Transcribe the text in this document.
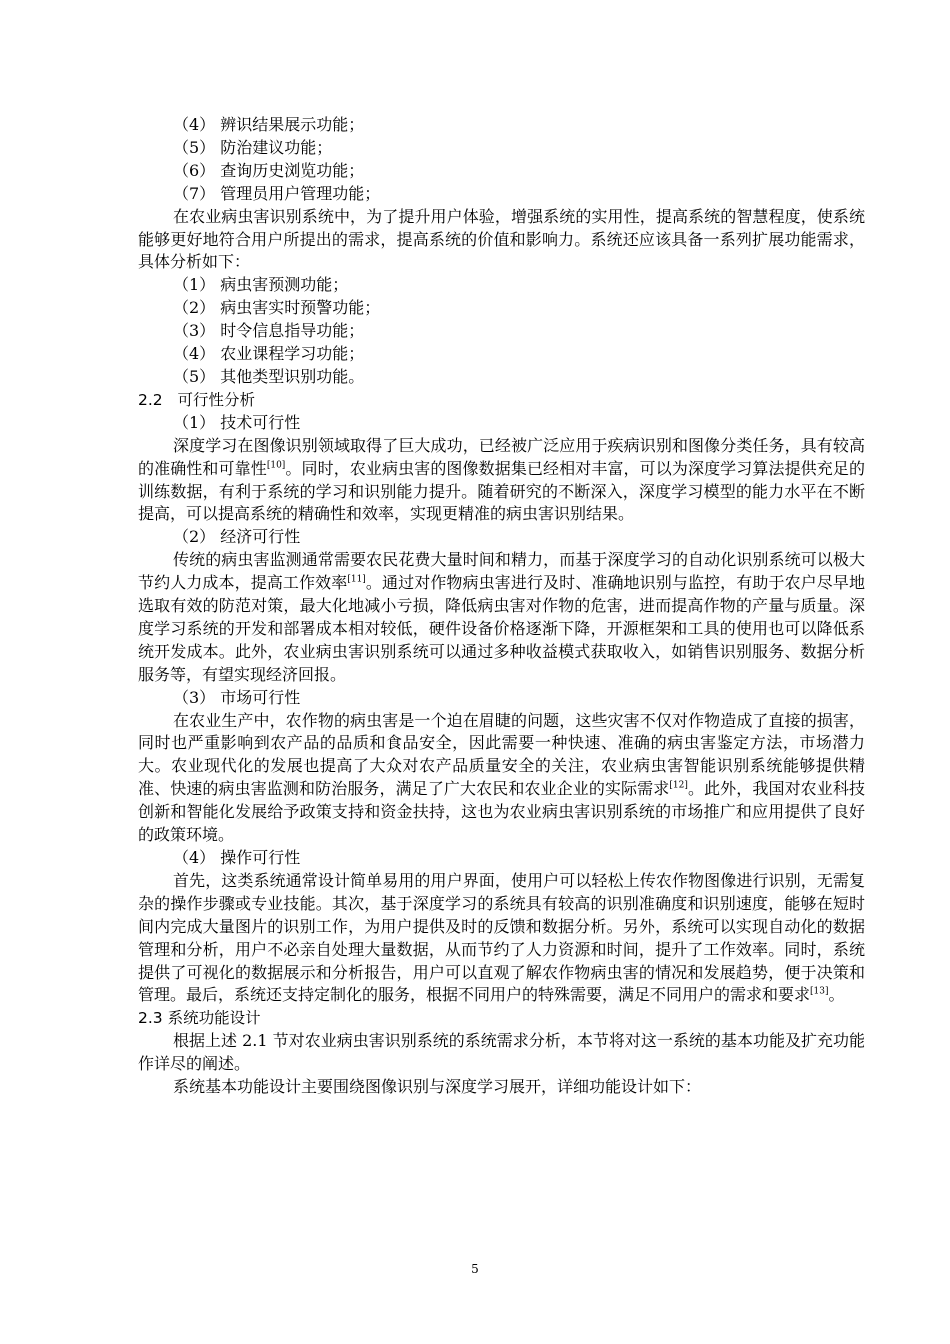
（4） 辨识结果展示功能；
（5） 防治建议功能；
（6） 查询历史浏览功能；
（7） 管理员用户管理功能；

在农业病虫害识别系统中，为了提升用户体验，增强系统的实用性，提高系统的智慧程度，使系统能够更好地符合用户所提出的需求，提高系统的价值和影响力。系统还应该具备一系列扩展功能需求，具体分析如下：

（1） 病虫害预测功能；
（2） 病虫害实时预警功能；
（3） 时令信息指导功能；
（4） 农业课程学习功能；
（5） 其他类型识别功能。
2.2 可行性分析
（1） 技术可行性

深度学习在图像识别领域取得了巨大成功，已经被广泛应用于疾病识别和图像分类任务，具有较高的准确性和可靠性[10]。同时，农业病虫害的图像数据集已经相对丰富，可以为深度学习算法提供充足的训练数据，有利于系统的学习和识别能力提升。随着研究的不断深入，深度学习模型的能力水平在不断提高，可以提高系统的精确性和效率，实现更精准的病虫害识别结果。

（2） 经济可行性

传统的病虫害监测通常需要农民花费大量时间和精力，而基于深度学习的自动化识别系统可以极大节约人力成本，提高工作效率[11]。通过对作物病虫害进行及时、准确地识别与监控，有助于农户尽早地选取有效的防范对策，最大化地减小亏损，降低病虫害对作物的危害，进而提高作物的产量与质量。深度学习系统的开发和部署成本相对较低，硬件设备价格逐渐下降，开源框架和工具的使用也可以降低系统开发成本。此外，农业病虫害识别系统可以通过多种收益模式获取收入，如销售识别服务、数据分析服务等，有望实现经济回报。

（3） 市场可行性

在农业生产中，农作物的病虫害是一个迫在眉睫的问题，这些灾害不仅对作物造成了直接的损害，同时也严重影响到农产品的品质和食品安全，因此需要一种快速、准确的病虫害鉴定方法，市场潜力大。农业现代化的发展也提高了大众对农产品质量安全的关注，农业病虫害智能识别系统能够提供精准、快速的病虫害监测和防治服务，满足了广大农民和农业企业的实际需求[12]。此外，我国对农业科技创新和智能化发展给予政策支持和资金扶持，这也为农业病虫害识别系统的市场推广和应用提供了良好的政策环境。

（4） 操作可行性

首先，这类系统通常设计简单易用的用户界面，使用户可以轻松上传农作物图像进行识别，无需复杂的操作步骤或专业技能。其次，基于深度学习的系统具有较高的识别准确度和识别速度，能够在短时间内完成大量图片的识别工作，为用户提供及时的反馈和数据分析。另外，系统可以实现自动化的数据管理和分析，用户不必亲自处理大量数据，从而节约了人力资源和时间，提升了工作效率。同时，系统提供了可视化的数据展示和分析报告，用户可以直观了解农作物病虫害的情况和发展趋势，便于决策和管理。最后，系统还支持定制化的服务，根据不同用户的特殊需要，满足不同用户的需求和要求[13]。

2.3 系统功能设计

根据上述 2.1 节对农业病虫害识别系统的系统需求分析，本节将对这一系统的基本功能及扩充功能作详尽的阐述。

系统基本功能设计主要围绕图像识别与深度学习展开，详细功能设计如下：

5
